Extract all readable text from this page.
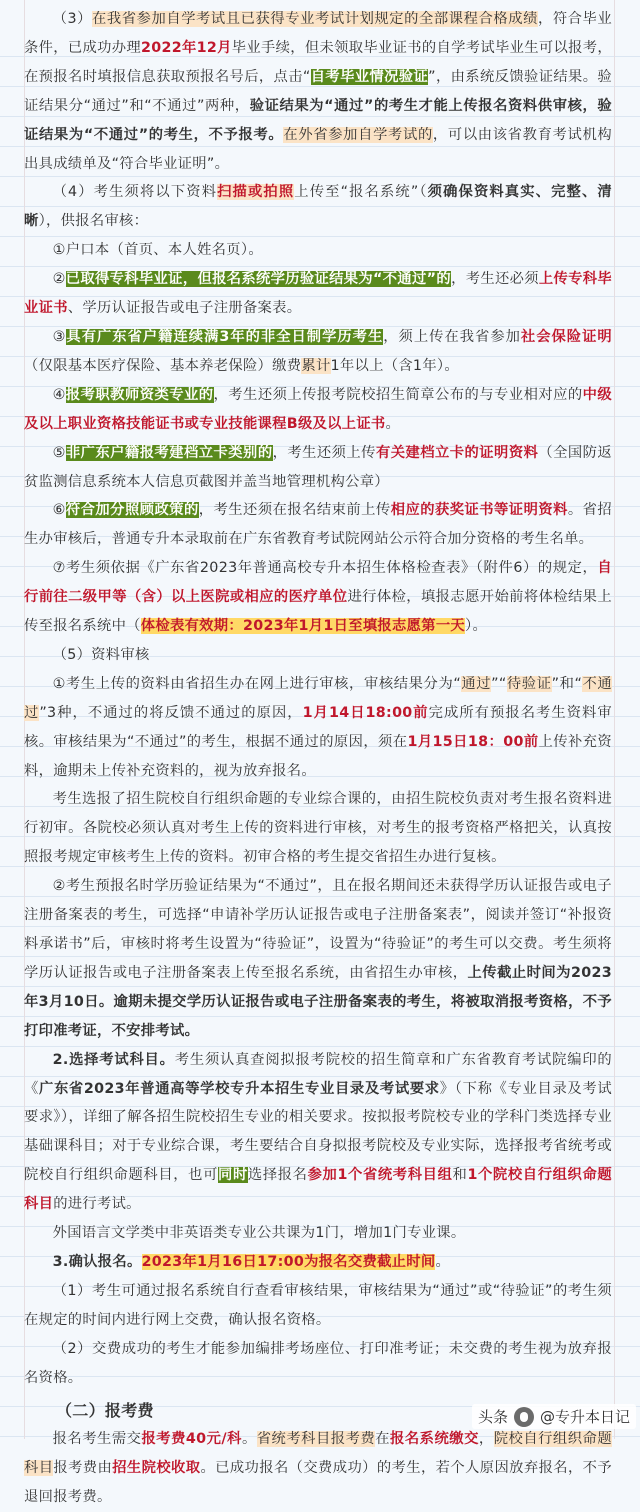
（3）在我省参加自学考试且已获得专业考试计划规定的全部课程合格成绩，符合毕业条件，已成功办理2022年12月毕业手续，但未领取毕业证书的自学考试毕业生可以报考，在预报名时填报信息获取预报名号后，点击“自考毕业情况验证”，由系统反馈验证结果。验证结果分“通过”和“不通过”两种，验证结果为“通过”的考生才能上传报名资料供审核，验证结果为“不通过”的考生，不予报考。在外省参加自学考试的，可以由该省教育考试机构出具成绩单及“符合毕业证明”。

（4）考生须将以下资料扫描或拍照上传至“报名系统”（须确保资料真实、完整、清晰），供报名审核：

①户口本（首页、本人姓名页）。

②已取得专科毕业证，但报名系统学历验证结果为“不通过”的，考生还必须上传专科毕业证书、学历认证报告或电子注册备案表。

③具有广东省户籍连续满3年的非全日制学历考生，须上传在我省参加社会保险证明（仅限基本医疗保险、基本养老保险）缴费累计1年以上（含1年）。

④报考职教师资类专业的，考生还须上传报考院校招生简章公布的与专业相对应的中级及以上职业资格技能证书或专业技能课程B级及以上证书。

⑤非广东户籍报考建档立卡类别的，考生还须上传有关建档立卡的证明资料（全国防返贫监测信息系统本人信息页截图并盖当地管理机构公章）

⑥符合加分照顾政策的，考生还须在报名结束前上传相应的获奖证书等证明资料。省招生办审核后，普通专升本录取前在广东省教育考试院网站公示符合加分资格的考生名单。

⑦考生须依据《广东省2023年普通高校专升本招生体格检查表》（附件6）的规定，自行前往二级甲等（含）以上医院或相应的医疗单位进行体检，填报志愿开始前将体检结果上传至报名系统中（体检表有效期：2023年1月1日至填报志愿第一天）。

（5）资料审核

①考生上传的资料由省招生办在网上进行审核，审核结果分为“通过”“待验证”和“不通过”3种，不通过的将反馈不通过的原因，1月14日18:00前完成所有预报名考生资料审核。审核结果为“不通过”的考生，根据不通过的原因，须在1月15日18：00前上传补充资料，逾期未上传补充资料的，视为放弃报名。

考生选报了招生院校自行组织命题的专业综合课的，由招生院校负责对考生报名资料进行初审。各院校必须认真对考生上传的资料进行审核，对考生的报考资格严格把关，认真按照报考规定审核考生上传的资料。初审合格的考生提交省招生办进行复核。

②考生预报名时学历验证结果为“不通过”，且在报名期间还未获得学历认证报告或电子注册备案表的考生，可选择“申请补学历认证报告或电子注册备案表”，阅读并签订“补报资料承诺书”后，审核时将考生设置为“待验证”，设置为“待验证”的考生可以交费。考生须将学历认证报告或电子注册备案表上传至报名系统，由省招生办审核，上传截止时间为2023年3月10日。逾期未提交学历认证报告或电子注册备案表的考生，将被取消报考资格，不予打印准考证，不安排考试。

2.选择考试科目。考生须认真查阅拟报考院校的招生简章和广东省教育考试院编印的《广东省2023年普通高等学校专升本招生专业目录及考试要求》（下称《专业目录及考试要求》），详细了解各招生院校招生专业的相关要求。按拟报考院校专业的学科门类选择专业基础课科目；对于专业综合课，考生要结合自身拟报考院校及专业实际，选择报考省统考或院校自行组织命题科目，也可同时选择报名参加1个省统考科目组和1个院校自行组织命题科目的进行考试。

外国语言文学类中非英语类专业公共课为1门，增加1门专业课。

3.确认报名。2023年1月16日17:00为报名交费截止时间。

（1）考生可通过报名系统自行查看审核结果，审核结果为“通过”或“待验证”的考生须在规定的时间内进行网上交费，确认报名资格。

（2）交费成功的考生才能参加编排考场座位、打印准考证；未交费的考生视为放弃报名资格。

（二）报考费

报名考生需交报考费40元/科。省统考科目报考费在报名系统缴交，院校自行组织命题科目报考费由招生院校收取。已成功报名（交费成功）的考生，若个人原因放弃报名，不予退回报考费。

头条 @专升本日记
